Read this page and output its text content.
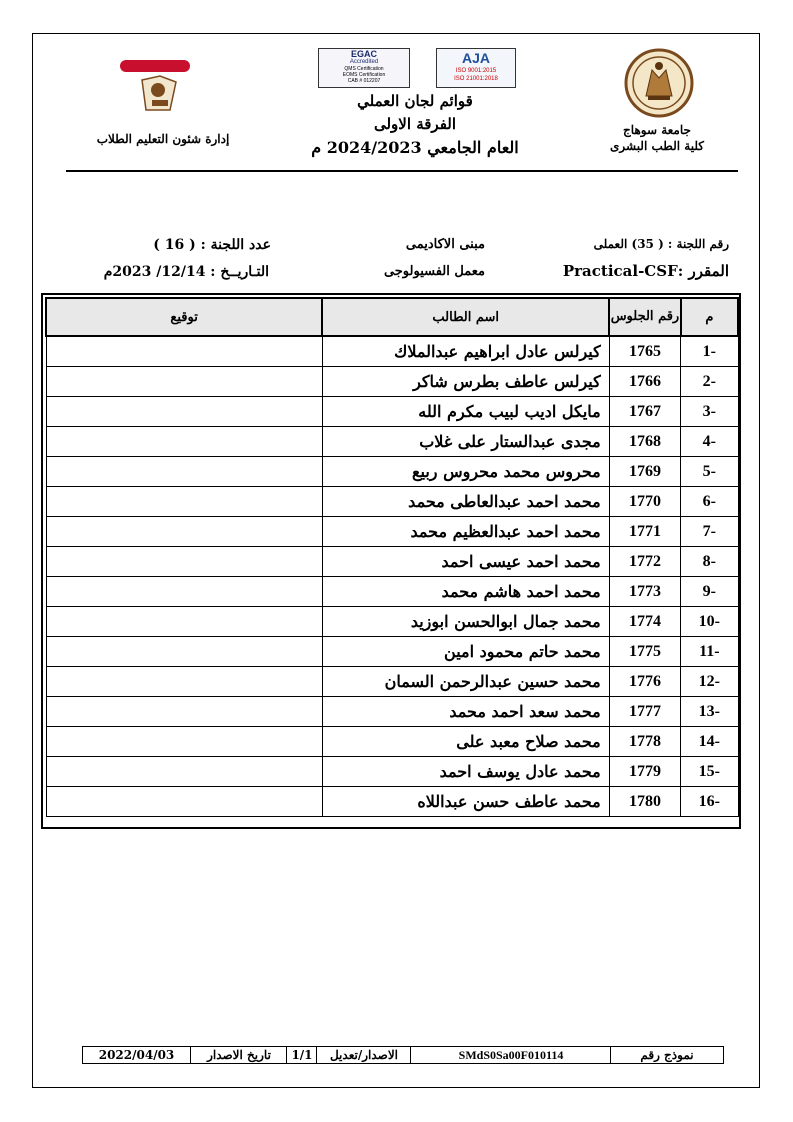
جامعة سوهاج
كلية الطب البشرى
إدارة شئون التعليم الطلاب
EGAC
Accredited
QMS Certification
EOMS Certification
CAB # 012207
AJA
ISO 9001:2015
ISO 21001:2018
قوائم لجان العملي
الفرقة الاولى
العام الجامعي 2024/2023 م
رقم اللجنة : ( 35) العملى
المقرر :Practical-CSF
مبنى الاكاديمى
معمل الفسيولوجى
عدد اللجنة : ( 16 )
التـاريــخ : 12/14/ 2023م
م	رقم الجلوس	اسم الطالب	توقيع
-1	1765	كيرلس عادل ابراهيم عبدالملاك	
-2	1766	كيرلس عاطف بطرس شاكر	
-3	1767	مايكل اديب لبيب مكرم الله	
-4	1768	مجدى عبدالستار على غلاب	
-5	1769	محروس محمد محروس ربيع	
-6	1770	محمد احمد عبدالعاطى محمد	
-7	1771	محمد احمد عبدالعظيم محمد	
-8	1772	محمد احمد عيسى احمد	
-9	1773	محمد احمد هاشم محمد	
-10	1774	محمد جمال ابوالحسن ابوزيد	
-11	1775	محمد حاتم محمود امين	
-12	1776	محمد حسين عبدالرحمن السمان	
-13	1777	محمد سعد احمد محمد	
-14	1778	محمد صلاح معبد على	
-15	1779	محمد عادل يوسف احمد	
-16	1780	محمد عاطف حسن عبداللاه	
نموذج رقم
SMdS0Sa00F010114
الاصدار/تعديل
1/1
تاريخ الاصدار
2022/04/03
